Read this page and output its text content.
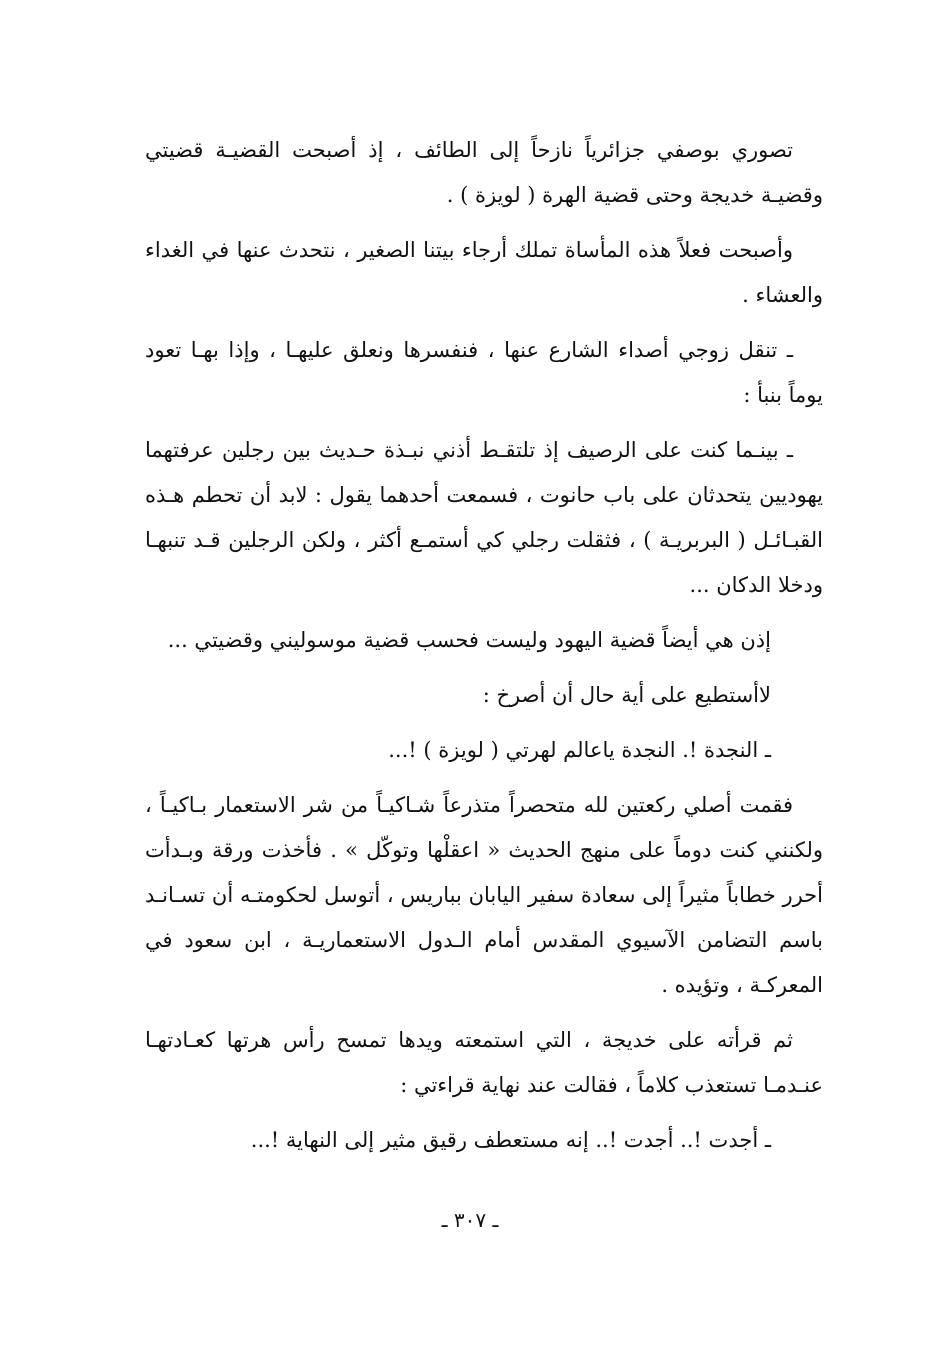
تصوري بوصفي جزائرياً نازحاً إلى الطائف ، إذ أصبحت القضيـة قضيتي وقضيـة خديجة وحتى قضية الهرة ( لويزة ) .

وأصبحت فعلاً هذه المأساة تملك أرجاء بيتنا الصغير ، نتحدث عنها في الغداء والعشاء .

ـ تنقل زوجي أصداء الشارع عنها ، فنفسرها ونعلق عليهـا ، وإذا بهـا تعود يوماً بنبأ :

ـ بينـما كنت على الرصيف إذ تلتقـط أذني نبـذة حـديث بين رجلين عرفتهما يهوديين يتحدثان على باب حانوت ، فسمعت أحدهما يقول : لابد أن تحطم هـذه القبـائـل ( البربريـة ) ، فثقلت رجلي كي أستمـع أكثر ، ولكن الرجلين قـد تنبهـا ودخلا الدكان ...

إذن هي أيضاً قضية اليهود وليست فحسب قضية موسوليني وقضيتي ...

لاأستطيع على أية حال أن أصرخ :

ـ النجدة !. النجدة ياعالم لهرتي ( لويزة ) !...

فقمت أصلي ركعتين لله متحصراً متذرعاً شـاكيـاً من شر الاستعمار بـاكيـاً ، ولكنني كنت دوماً على منهج الحديث « اعقلْها وتوكّل » . فأخذت ورقة وبـدأت أحرر خطاباً مثيراً إلى سعادة سفير اليابان بباريس ، أتوسل لحكومتـه أن تسـانـد باسم التضامن الآسيوي المقدس أمام الـدول الاستعماريـة ، ابن سعود في المعركـة ، وتؤيده .

ثم قرأته على خديجة ، التي استمعته ويدها تمسح رأس هرتها كعـادتهـا عنـدمـا تستعذب كلاماً ، فقالت عند نهاية قراءتي :

ـ أجدت !.. أجدت !.. إنه مستعطف رقيق مثير إلى النهاية !...

ـ ٣٠٧ ـ
